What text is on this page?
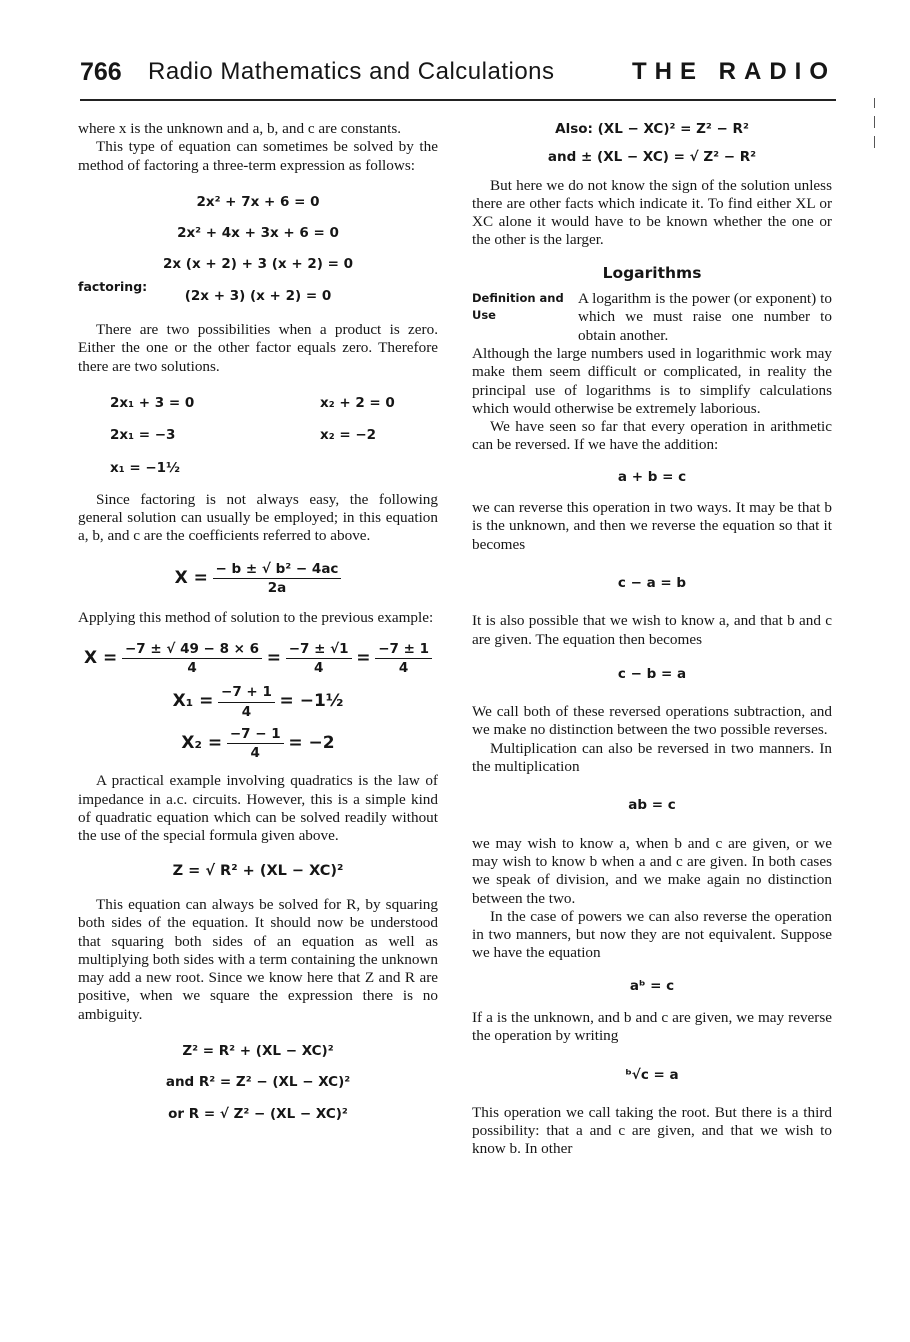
766 Radio Mathematics and Calculations	THE RADIO

where x is the unknown and a, b, and c are constants.

This type of equation can sometimes be solved by the method of factoring a three-term expression as follows:

2x² + 7x + 6 = 0
2x² + 4x + 3x + 6 = 0
factoring:
2x (x + 2) + 3 (x + 2) = 0
(2x + 3) (x + 2) = 0

There are two possibilities when a product is zero. Either the one or the other factor equals zero. Therefore there are two solutions.

2x₁ + 3 = 0	x₂ + 2 = 0
2x₁ = −3	x₂ = −2
x₁ = −1½

Since factoring is not always easy, the following general solution can usually be employed; in this equation a, b, and c are the coefficients referred to above.

$X = \frac{\text{− b ± √ b² − 4ac}}{2a}$

Applying this method of solution to the previous example:

$X = \frac{-7 \pm √ 49 - 8 \times 6}{4} = \frac{-7 \pm √1}{4} = \frac{-7 \pm 1}{4}$
$X_1 = \frac{-7 + 1}{4}$ = −1½
$X_2 = \frac{-7 - 1}{4} = -2$

A practical example involving quadratics is the law of impedance in a.c. circuits. However, this is a simple kind of quadratic equation which can be solved readily without the use of the special formula given above.

Z = √ R² + (XL − XC)²

This equation can always be solved for R, by squaring both sides of the equation. It should now be understood that squaring both sides of an equation as well as multiplying both sides with a term containing the unknown may add a new root. Since we know here that Z and R are positive, when we square the expression there is no ambiguity.

Z² = R² + (XL − XC)²
and R² = Z² − (XL − XC)²
or R = √ Z² − (XL − XC)²
Also: (XL − XC)² = Z² − R²
and ± (XL − XC) = √ Z² − R²

But here we do not know the sign of the solution unless there are other facts which indicate it. To find either XL or XC alone it would have to be known whether the one or the other is the larger.

Logarithms
Definition and Use

A logarithm is the power (or exponent) to which we must raise one number to obtain another.

Although the large numbers used in logarithmic work may make them seem difficult or complicated, in reality the principal use of logarithms is to simplify calculations which would otherwise be extremely laborious.

We have seen so far that every operation in arithmetic can be reversed. If we have the addition:

a + b = c

we can reverse this operation in two ways. It may be that b is the unknown, and then we reverse the equation so that it becomes

c − a = b

It is also possible that we wish to know a, and that b and c are given. The equation then becomes

c − b = a

We call both of these reversed operations subtraction, and we make no distinction between the two possible reverses.

Multiplication can also be reversed in two manners. In the multiplication

ab = c

we may wish to know a, when b and c are given, or we may wish to know b when a and c are given. In both cases we speak of division, and we make again no distinction between the two.

In the case of powers we can also reverse the operation in two manners, but now they are not equivalent. Suppose we have the equation

aᵇ = c

If a is the unknown, and b and c are given, we may reverse the operation by writing

ᵇ√c = a

This operation we call taking the root. But there is a third possibility: that a and c are given, and that we wish to know b. In other
